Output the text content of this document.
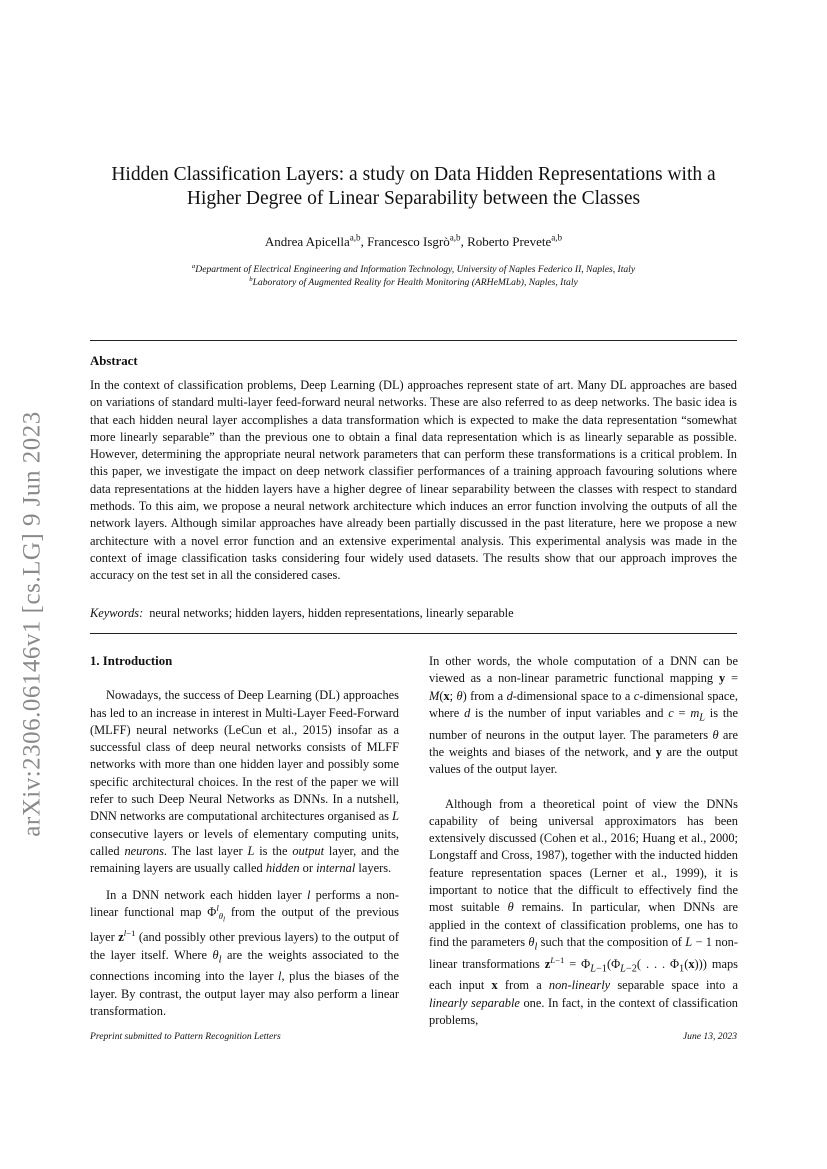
arXiv:2306.06146v1 [cs.LG] 9 Jun 2023
Hidden Classification Layers: a study on Data Hidden Representations with a Higher Degree of Linear Separability between the Classes
Andrea Apicella$^{a,b}$, Francesco Isgrò$^{a,b}$, Roberto Prevete$^{a,b}$
$^a$Department of Electrical Engineering and Information Technology, University of Naples Federico II, Naples, Italy
$^b$Laboratory of Augmented Reality for Health Monitoring (ARHeMLab), Naples, Italy
Abstract
In the context of classification problems, Deep Learning (DL) approaches represent state of art. Many DL approaches are based on variations of standard multi-layer feed-forward neural networks. These are also referred to as deep networks. The basic idea is that each hidden neural layer accomplishes a data transformation which is expected to make the data representation “somewhat more linearly separable” than the previous one to obtain a final data representation which is as linearly separable as possible. However, determining the appropriate neural network parameters that can perform these transformations is a critical problem. In this paper, we investigate the impact on deep network classifier performances of a training approach favouring solutions where data representations at the hidden layers have a higher degree of linear separability between the classes with respect to standard methods. To this aim, we propose a neural network architecture which induces an error function involving the outputs of all the network layers. Although similar approaches have already been partially discussed in the past literature, here we propose a new architecture with a novel error function and an extensive experimental analysis. This experimental analysis was made in the context of image classification tasks considering four widely used datasets. The results show that our approach improves the accuracy on the test set in all the considered cases.
Keywords: neural networks; hidden layers, hidden representations, linearly separable
1. Introduction

Nowadays, the success of Deep Learning (DL) approaches has led to an increase in interest in Multi-Layer Feed-Forward (MLFF) neural networks (LeCun et al., 2015) insofar as a successful class of deep neural networks consists of MLFF networks with more than one hidden layer and possibly some specific architectural choices. In the rest of the paper we will refer to such Deep Neural Networks as DNNs. In a nutshell, DNN networks are computational architectures organised as L consecutive layers or levels of elementary computing units, called neurons. The last layer L is the output layer, and the remaining layers are usually called hidden or internal layers.

In a DNN network each hidden layer l performs a non-linear functional map $\Phi^l_{\theta_l}$ from the output of the previous layer $z^{l-1}$ (and possibly other previous layers) to the output of the layer itself. Where $\theta_l$ are the weights associated to the connections incoming into the layer l, plus the biases of the layer. By contrast, the output layer may also perform a linear transformation.

In other words, the whole computation of a DNN can be viewed as a non-linear parametric functional mapping y = M(x; θ) from a d-dimensional space to a c-dimensional space, where d is the number of input variables and $c = m_L$ is the number of neurons in the output layer. The parameters θ are the weights and biases of the network, and y are the output values of the output layer.

Although from a theoretical point of view the DNNs capability of being universal approximators has been extensively discussed (Cohen et al., 2016; Huang et al., 2000; Longstaff and Cross, 1987), together with the inducted hidden feature representation spaces (Lerner et al., 1999), it is important to notice that the difficult to effectively find the most suitable θ remains. In particular, when DNNs are applied in the context of classification problems, one has to find the parameters $\theta_l$ such that the composition of L − 1 non-linear transformations $z^{L-1} = \Phi_{L-1}(\Phi_{L-2}$( . . . $\Phi_1(x)$)) maps each input x from a non-linearly separable space into a linearly separable one. In fact, in the context of classification problems,

Preprint submitted to Pattern Recognition Letters	June 13, 2023
